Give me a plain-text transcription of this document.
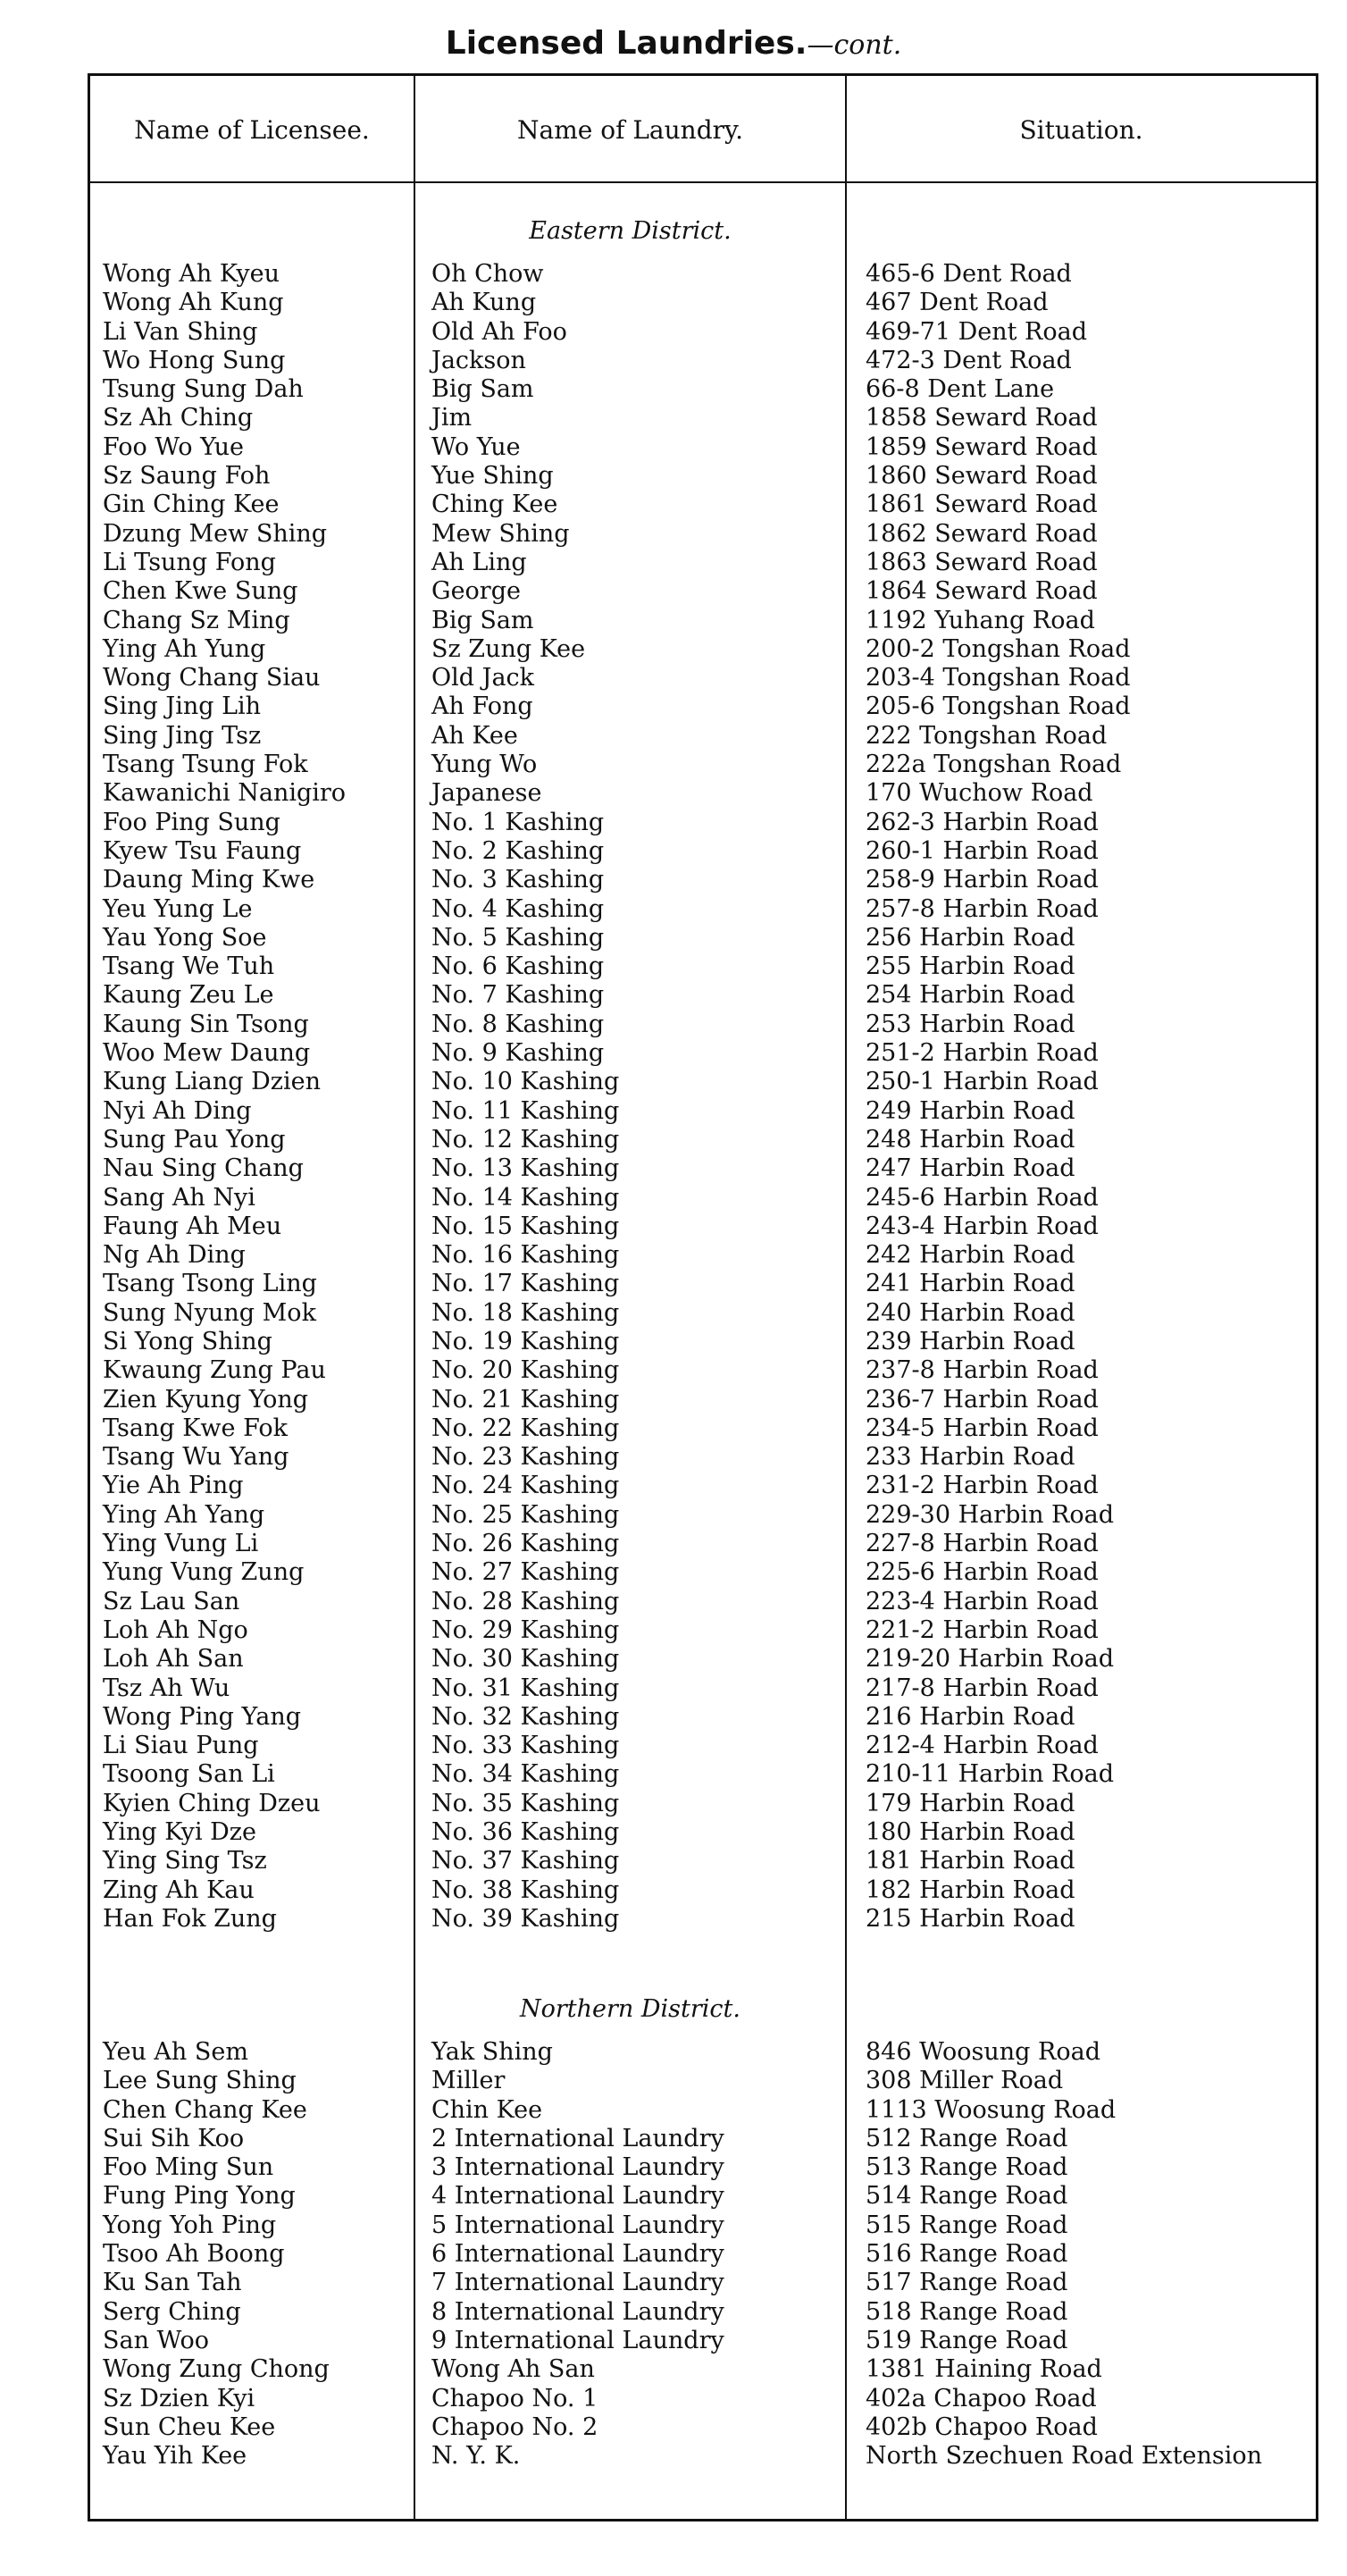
Licensed Laundries.—cont.
Name of Licensee.	Name of Laundry.	Situation.
Eastern District.
Wong Ah Kyeu
Wong Ah Kung
Li Van Shing
Wo Hong Sung
Tsung Sung Dah
Sz Ah Ching
Foo Wo Yue
Sz Saung Foh
Gin Ching Kee
Dzung Mew Shing
Li Tsung Fong
Chen Kwe Sung
Chang Sz Ming
Ying Ah Yung
Wong Chang Siau
Sing Jing Lih
Sing Jing Tsz
Tsang Tsung Fok
Kawanichi Nanigiro
Foo Ping Sung
Kyew Tsu Faung
Daung Ming Kwe
Yeu Yung Le
Yau Yong Soe
Tsang We Tuh
Kaung Zeu Le
Kaung Sin Tsong
Woo Mew Daung
Kung Liang Dzien
Nyi Ah Ding
Sung Pau Yong
Nau Sing Chang
Sang Ah Nyi
Faung Ah Meu
Ng Ah Ding
Tsang Tsong Ling
Sung Nyung Mok
Si Yong Shing
Kwaung Zung Pau
Zien Kyung Yong
Tsang Kwe Fok
Tsang Wu Yang
Yie Ah Ping
Ying Ah Yang
Ying Vung Li
Yung Vung Zung
Sz Lau San
Loh Ah Ngo
Loh Ah San
Tsz Ah Wu
Wong Ping Yang
Li Siau Pung
Tsoong San Li
Kyien Ching Dzeu
Ying Kyi Dze
Ying Sing Tsz
Zing Ah Kau
Han Fok Zung
Oh Chow
Ah Kung
Old Ah Foo
Jackson
Big Sam
Jim
Wo Yue
Yue Shing
Ching Kee
Mew Shing
Ah Ling
George
Big Sam
Sz Zung Kee
Old Jack
Ah Fong
Ah Kee
Yung Wo
Japanese
No. 1 Kashing
No. 2 Kashing
No. 3 Kashing
No. 4 Kashing
No. 5 Kashing
No. 6 Kashing
No. 7 Kashing
No. 8 Kashing
No. 9 Kashing
No. 10 Kashing
No. 11 Kashing
No. 12 Kashing
No. 13 Kashing
No. 14 Kashing
No. 15 Kashing
No. 16 Kashing
No. 17 Kashing
No. 18 Kashing
No. 19 Kashing
No. 20 Kashing
No. 21 Kashing
No. 22 Kashing
No. 23 Kashing
No. 24 Kashing
No. 25 Kashing
No. 26 Kashing
No. 27 Kashing
No. 28 Kashing
No. 29 Kashing
No. 30 Kashing
No. 31 Kashing
No. 32 Kashing
No. 33 Kashing
No. 34 Kashing
No. 35 Kashing
No. 36 Kashing
No. 37 Kashing
No. 38 Kashing
No. 39 Kashing
465-6 Dent Road
467 Dent Road
469-71 Dent Road
472-3 Dent Road
66-8 Dent Lane
1858 Seward Road
1859 Seward Road
1860 Seward Road
1861 Seward Road
1862 Seward Road
1863 Seward Road
1864 Seward Road
1192 Yuhang Road
200-2 Tongshan Road
203-4 Tongshan Road
205-6 Tongshan Road
222 Tongshan Road
222a Tongshan Road
170 Wuchow Road
262-3 Harbin Road
260-1 Harbin Road
258-9 Harbin Road
257-8 Harbin Road
256 Harbin Road
255 Harbin Road
254 Harbin Road
253 Harbin Road
251-2 Harbin Road
250-1 Harbin Road
249 Harbin Road
248 Harbin Road
247 Harbin Road
245-6 Harbin Road
243-4 Harbin Road
242 Harbin Road
241 Harbin Road
240 Harbin Road
239 Harbin Road
237-8 Harbin Road
236-7 Harbin Road
234-5 Harbin Road
233 Harbin Road
231-2 Harbin Road
229-30 Harbin Road
227-8 Harbin Road
225-6 Harbin Road
223-4 Harbin Road
221-2 Harbin Road
219-20 Harbin Road
217-8 Harbin Road
216 Harbin Road
212-4 Harbin Road
210-11 Harbin Road
179 Harbin Road
180 Harbin Road
181 Harbin Road
182 Harbin Road
215 Harbin Road
Northern District.
Yeu Ah Sem
Lee Sung Shing
Chen Chang Kee
Sui Sih Koo
Foo Ming Sun
Fung Ping Yong
Yong Yoh Ping
Tsoo Ah Boong
Ku San Tah
Serg Ching
San Woo
Wong Zung Chong
Sz Dzien Kyi
Sun Cheu Kee
Yau Yih Kee
Yak Shing
Miller
Chin Kee
2 International Laundry
3 International Laundry
4 International Laundry
5 International Laundry
6 International Laundry
7 International Laundry
8 International Laundry
9 International Laundry
Wong Ah San
Chapoo No. 1
Chapoo No. 2
N. Y. K.
846 Woosung Road
308 Miller Road
1113 Woosung Road
512 Range Road
513 Range Road
514 Range Road
515 Range Road
516 Range Road
517 Range Road
518 Range Road
519 Range Road
1381 Haining Road
402a Chapoo Road
402b Chapoo Road
North Szechuen Road Extension
